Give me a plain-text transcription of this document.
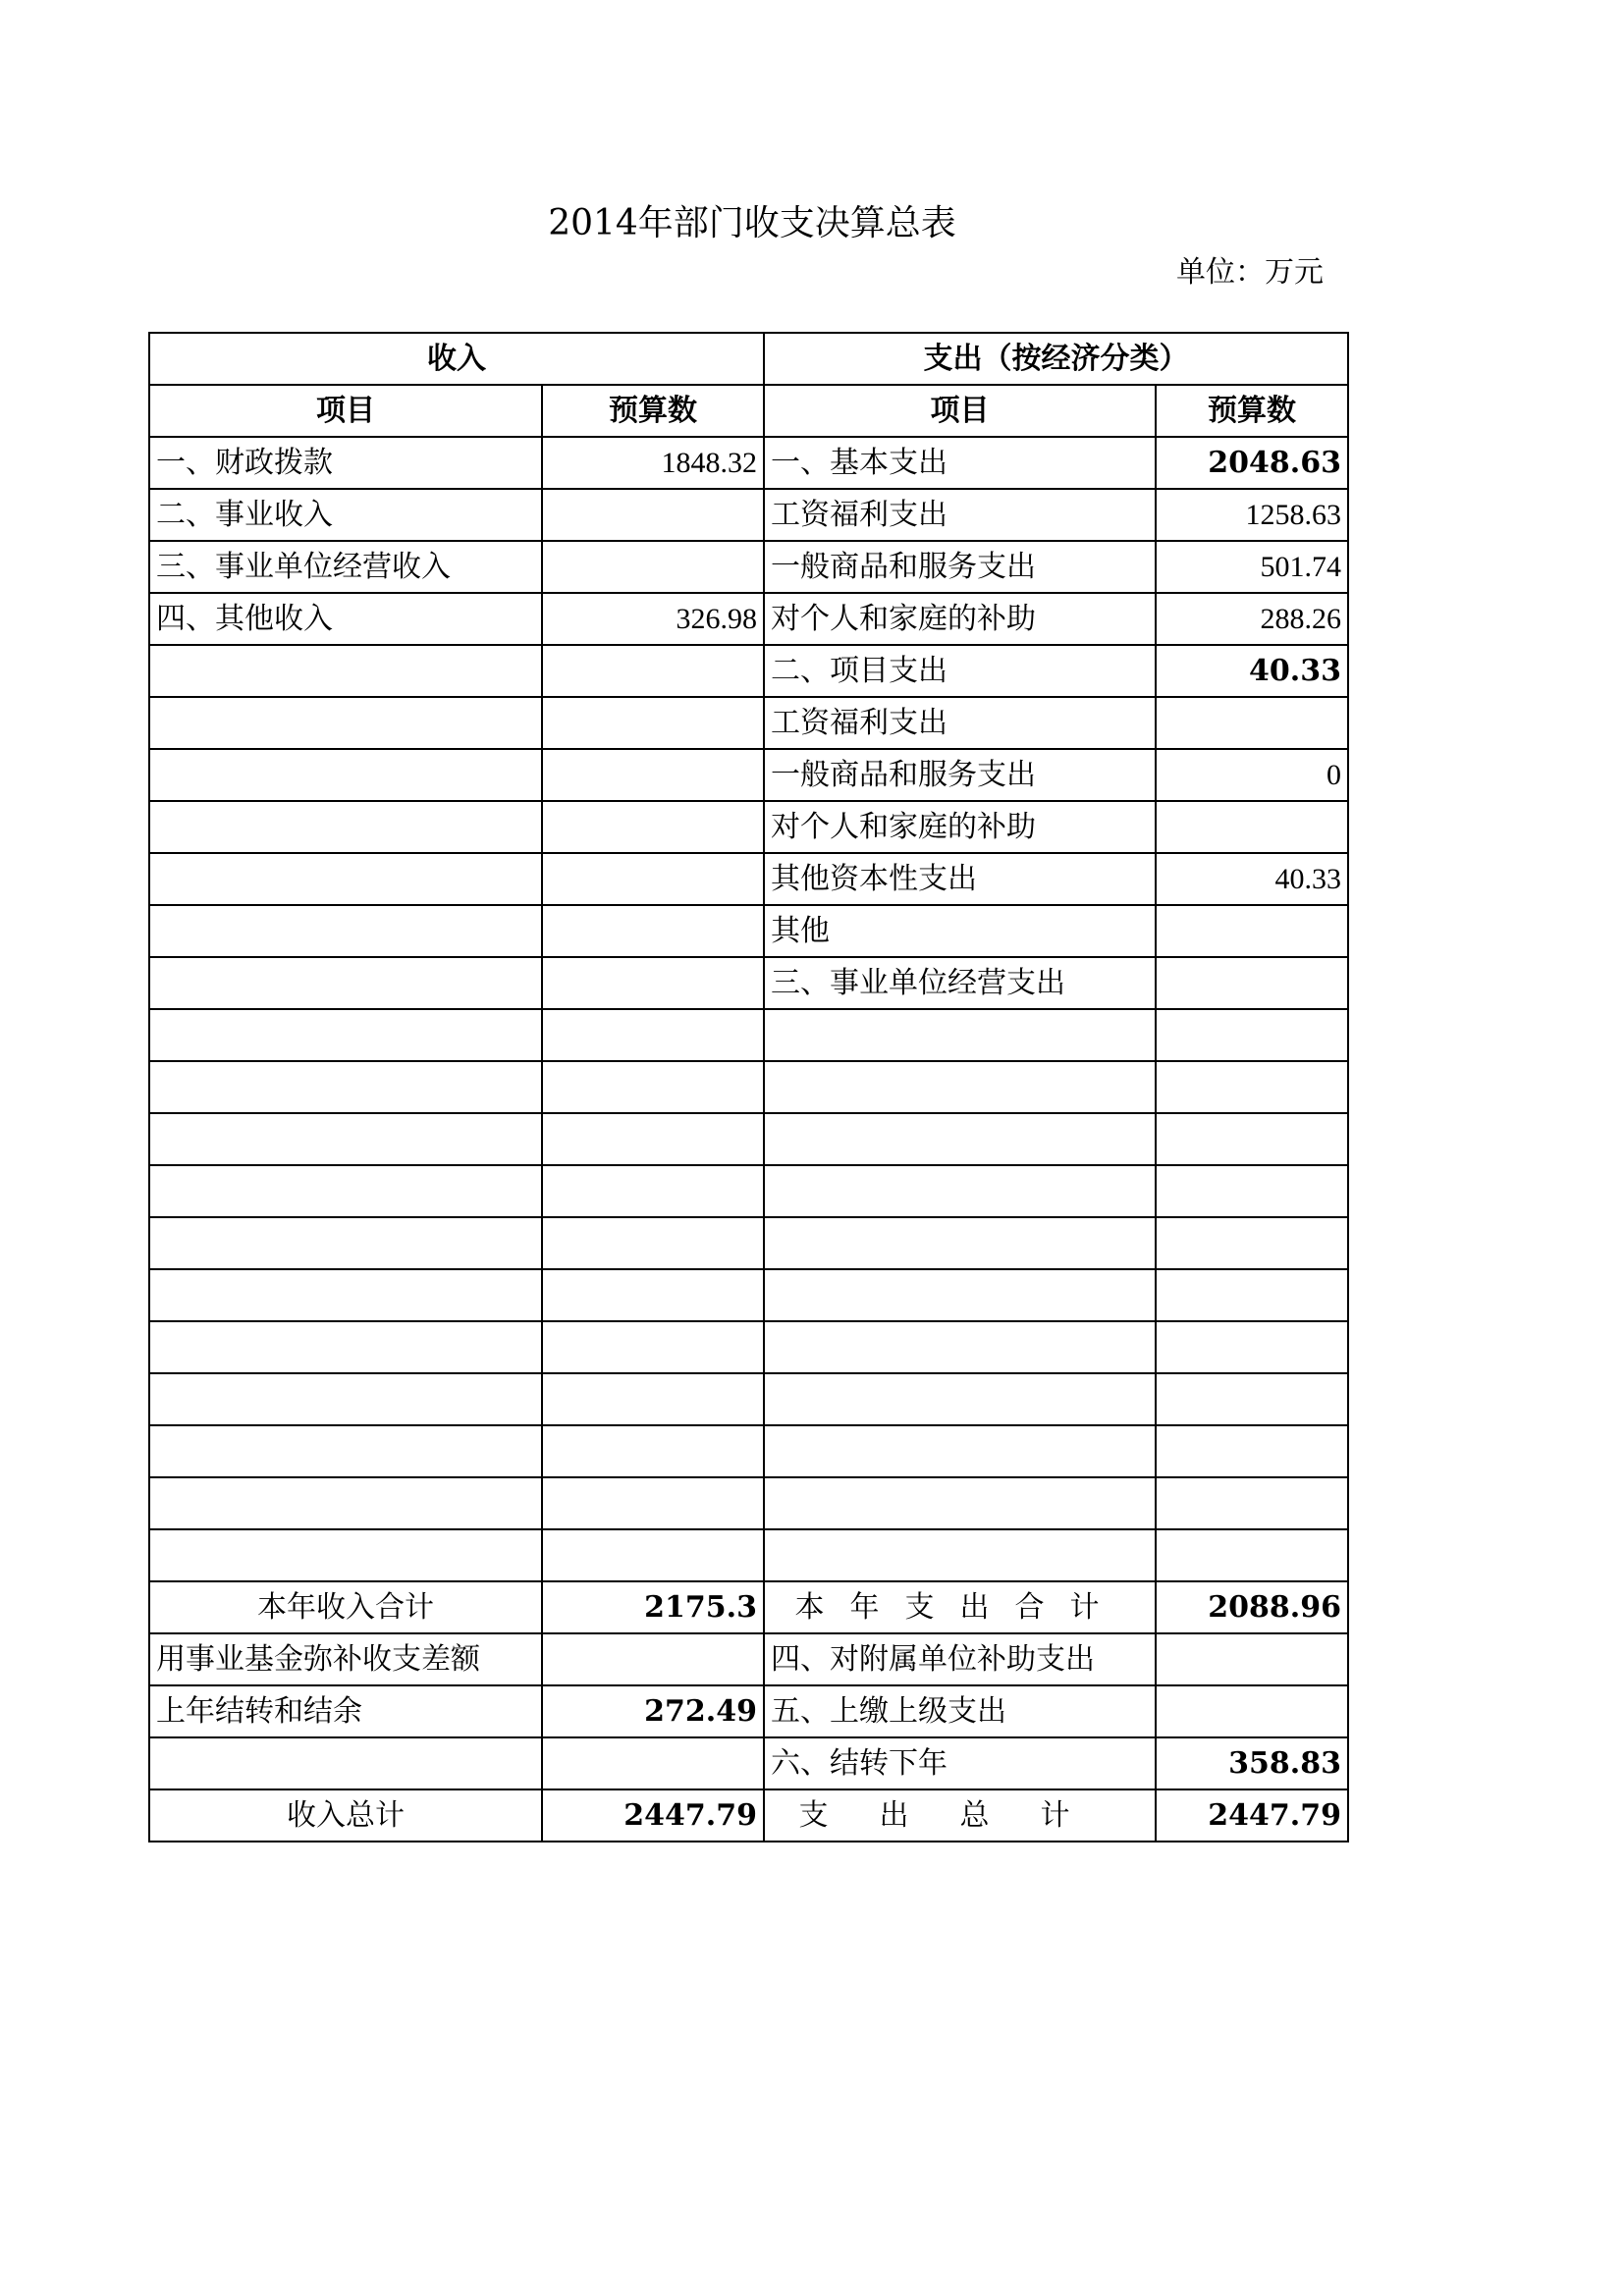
2014年部门收支决算总表
单位：万元
收入		支出（按经济分类）	
项目	预算数	项目	预算数
一、财政拨款	1848.32	一、基本支出	2048.63
二、事业收入		工资福利支出	1258.63
三、事业单位经营收入		一般商品和服务支出	501.74
四、其他收入	326.98	对个人和家庭的补助	288.26
		二、项目支出	40.33
		工资福利支出	
		一般商品和服务支出	0
		对个人和家庭的补助	
		其他资本性支出	40.33
		其他	
		三、事业单位经营支出	

本年收入合计	2175.3	本年支出合计	2088.96
用事业基金弥补收支差额		四、对附属单位补助支出	
上年结转和结余	272.49	五、上缴上级支出	
		六、结转下年	358.83
收入总计	2447.79	支出总计	2447.79
